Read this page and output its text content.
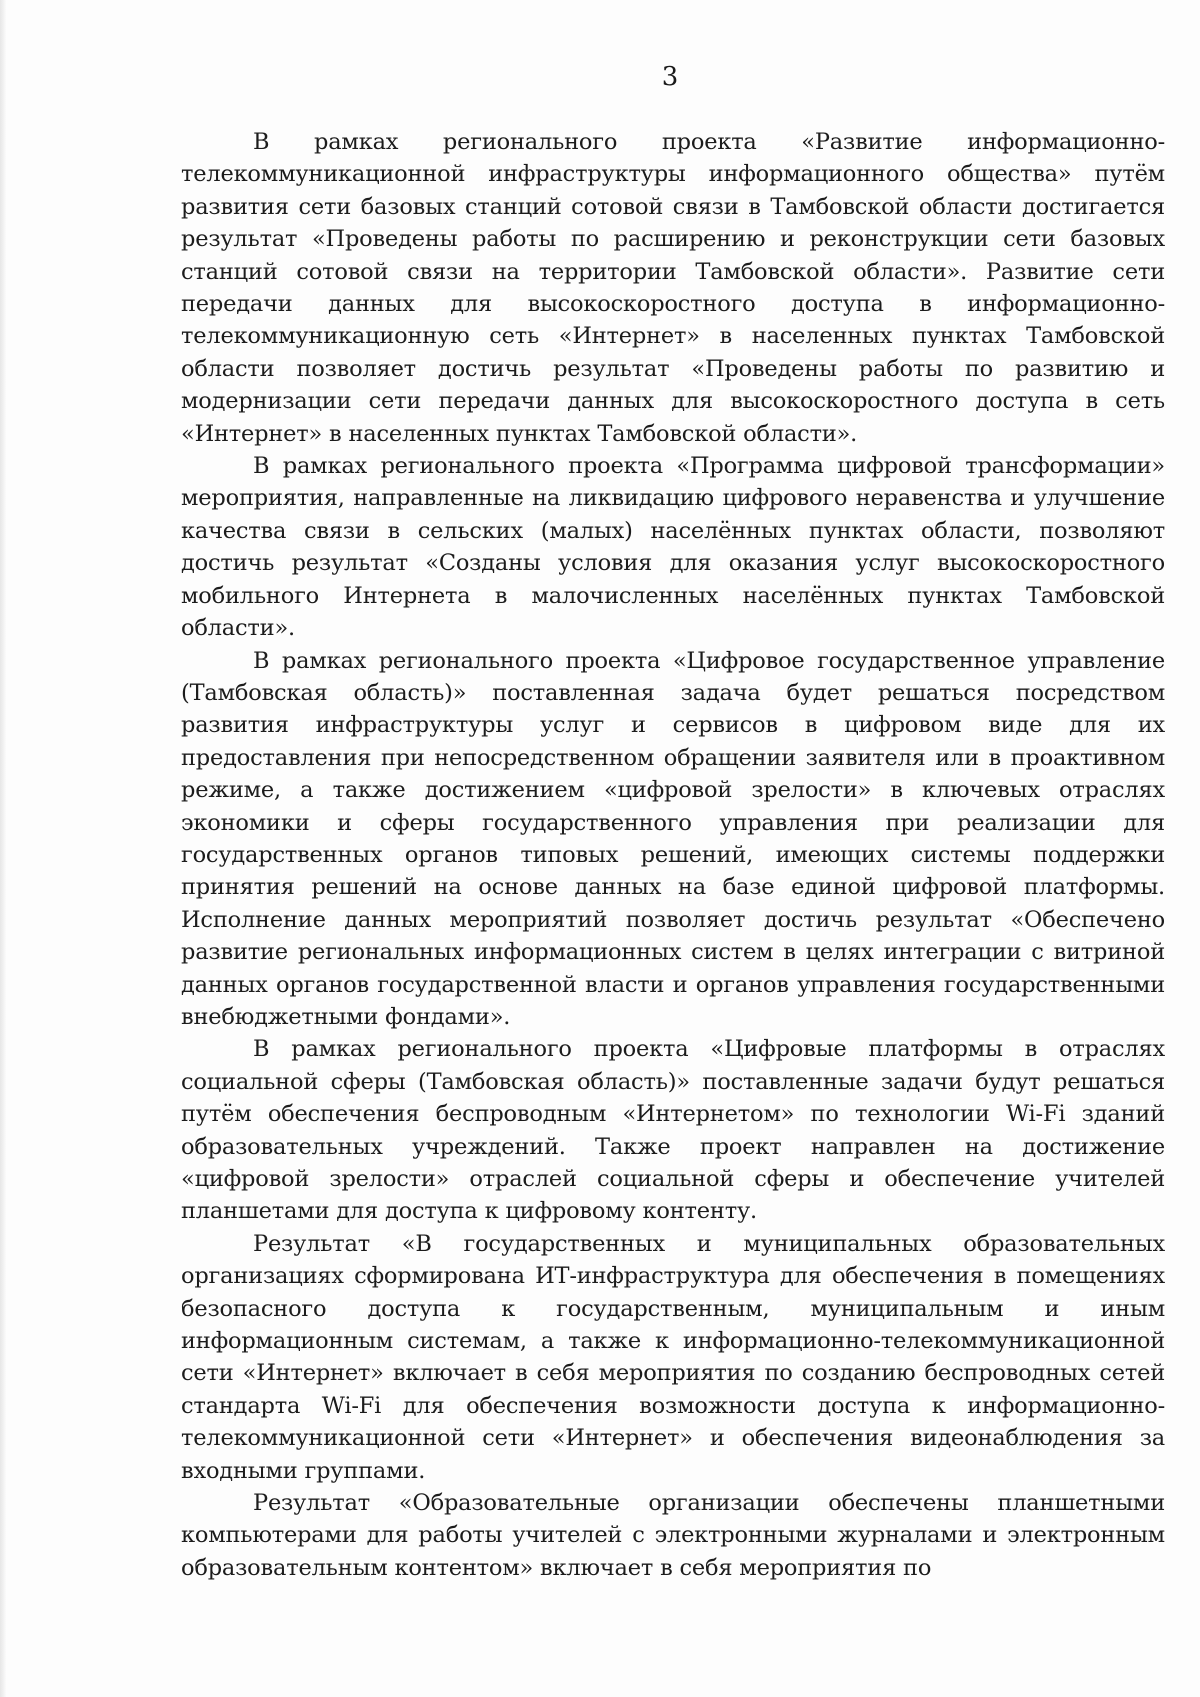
3

В рамках регионального проекта «Развитие информационно-телекоммуникационной инфраструктуры информационного общества» путём развития сети базовых станций сотовой связи в Тамбовской области достигается результат «Проведены работы по расширению и реконструкции сети базовых станций сотовой связи на территории Тамбовской области». Развитие сети передачи данных для высокоскоростного доступа в информационно-телекоммуникационную сеть «Интернет» в населенных пунктах Тамбовской области позволяет достичь результат «Проведены работы по развитию и модернизации сети передачи данных для высокоскоростного доступа в сеть «Интернет» в населенных пунктах Тамбовской области».

В рамках регионального проекта «Программа цифровой трансформации» мероприятия, направленные на ликвидацию цифрового неравенства и улучшение качества связи в сельских (малых) населённых пунктах области, позволяют достичь результат «Созданы условия для оказания услуг высокоскоростного мобильного Интернета в малочисленных населённых пунктах Тамбовской области».

В рамках регионального проекта «Цифровое государственное управление (Тамбовская область)» поставленная задача будет решаться посредством развития инфраструктуры услуг и сервисов в цифровом виде для их предоставления при непосредственном обращении заявителя или в проактивном режиме, а также достижением «цифровой зрелости» в ключевых отраслях экономики и сферы государственного управления при реализации для государственных органов типовых решений, имеющих системы поддержки принятия решений на основе данных на базе единой цифровой платформы. Исполнение данных мероприятий позволяет достичь результат «Обеспечено развитие региональных информационных систем в целях интеграции с витриной данных органов государственной власти и органов управления государственными внебюджетными фондами».

В рамках регионального проекта «Цифровые платформы в отраслях социальной сферы (Тамбовская область)» поставленные задачи будут решаться путём обеспечения беспроводным «Интернетом» по технологии Wi-Fi зданий образовательных учреждений. Также проект направлен на достижение «цифровой зрелости» отраслей социальной сферы и обеспечение учителей планшетами для доступа к цифровому контенту.

Результат «В государственных и муниципальных образовательных организациях сформирована ИТ-инфраструктура для обеспечения в помещениях безопасного доступа к государственным, муниципальным и иным информационным системам, а также к информационно-телекоммуникационной сети «Интернет» включает в себя мероприятия по созданию беспроводных сетей стандарта Wi-Fi для обеспечения возможности доступа к информационно-телекоммуникационной сети «Интернет» и обеспечения видеонаблюдения за входными группами.

Результат «Образовательные организации обеспечены планшетными компьютерами для работы учителей с электронными журналами и электронным образовательным контентом» включает в себя мероприятия по
